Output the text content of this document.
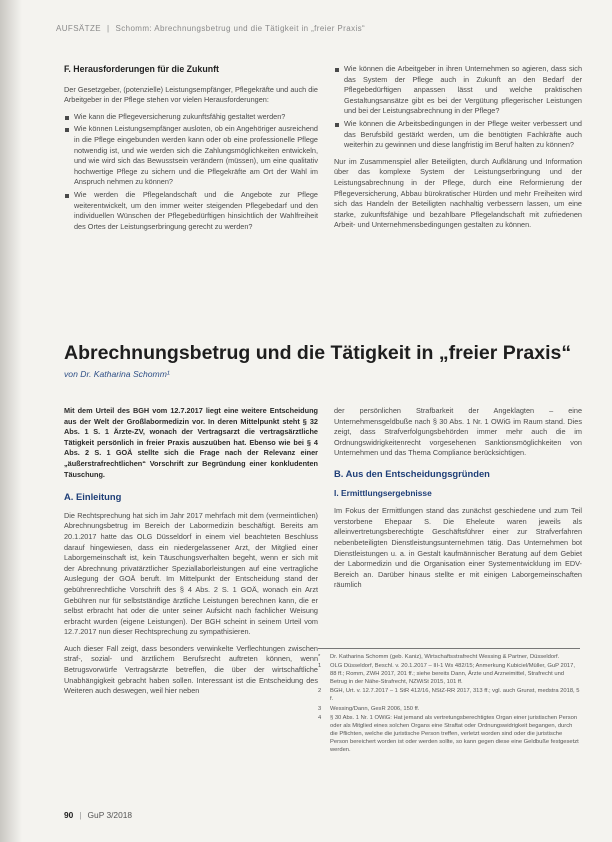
AUFSÄTZE | Schomm: Abrechnungsbetrug und die Tätigkeit in „freier Praxis“
F. Herausforderungen für die Zukunft

Der Gesetzgeber, (potenzielle) Leistungsempfänger, Pflegekräfte und auch die Arbeitgeber in der Pflege stehen vor vielen Herausforderungen:

Wie kann die Pflegeversicherung zukunftsfähig gestaltet werden?
Wie können Leistungsempfänger ausloten, ob ein Angehöriger ausreichend in die Pflege eingebunden werden kann oder ob eine professionelle Pflege notwendig ist, und wie werden sich die Zahlungsmöglichkeiten entwickeln, und wie wird sich das Bewusstsein verändern (müssen), um eine qualitativ hochwertige Pflege zu sichern und die Pflegekräfte am Ort der Wahl im Anspruch nehmen zu können?
Wie werden die Pflegelandschaft und die Angebote zur Pflege weiterentwickelt, um den immer weiter steigenden Pflegebedarf und den individuellen Wünschen der Pflegebedürftigen hinsichtlich der Wahlfreiheit des Ortes der Leistungserbringung gerecht zu werden?
Wie können die Arbeitgeber in ihren Unternehmen so agieren, dass sich das System der Pflege auch in Zukunft an den Bedarf der Pflegebedürftigen anpassen lässt und welche praktischen Gestaltungsansätze gibt es bei der Vergütung pflegerischer Leistungen und bei der Leistungsabrechnung in der Pflege?
Wie können die Arbeitsbedingungen in der Pflege weiter verbessert und das Berufsbild gestärkt werden, um die benötigten Fachkräfte auch weiterhin zu gewinnen und diese langfristig im Beruf halten zu können?

Nur im Zusammenspiel aller Beteiligten, durch Aufklärung und Information über das komplexe System der Leistungserbringung und der Leistungsabrechnung in der Pflege, durch eine Reformierung der Pflegeversicherung, Abbau bürokratischer Hürden und mehr Freiheiten wird sich das Handeln der Beteiligten nachhaltig verbessern lassen, um eine starke, zukunftsfähige und bezahlbare Pflegelandschaft mit zufriedenen Arbeit- und Unternehmensbedingungen gestalten zu können.

Abrechnungsbetrug und die Tätigkeit in „freier Praxis“
von Dr. Katharina Schomm¹

Mit dem Urteil des BGH vom 12.7.2017 liegt eine weitere Entscheidung aus der Welt der Großlabormedizin vor. In deren Mittelpunkt steht § 32 Abs. 1 S. 1 Ärzte-ZV, wonach der Vertragsarzt die vertragsärztliche Tätigkeit persönlich in freier Praxis auszuüben hat. Ebenso wie bei § 4 Abs. 2 S. 1 GOÄ stellte sich die Frage nach der Relevanz einer „äußerstrafrechtlichen“ Vorschrift zur Begründung einer konkludenten Täuschung.

A. Einleitung

Die Rechtsprechung hat sich im Jahr 2017 mehrfach mit dem (vermeintlichen) Abrechnungsbetrug im Bereich der Labormedizin beschäftigt. Bereits am 20.1.2017 hatte das OLG Düsseldorf in einem viel beachteten Beschluss darauf hingewiesen, dass ein niedergelassener Arzt, der Mitglied einer Laborgemeinschaft ist, kein Täuschungsverhalten begeht, wenn er sich mit der Abrechnung privatärztlicher Speziallaborleistungen auf eine vertragliche Auslegung der GOÄ beruft. Im Mittelpunkt der Entscheidung stand der gebührenrechtliche Vorschrift des § 4 Abs. 2 S. 1 GOÄ, wonach ein Arzt Gebühren nur für selbstständige ärztliche Leistungen berechnen kann, die er selbst erbracht hat oder die unter seiner Aufsicht nach fachlicher Weisung erbracht wurden (eigene Leistungen). Der BGH scheint in seinem Urteil vom 12.7.2017 nun dieser Rechtsprechung zu sympathisieren.

Auch dieser Fall zeigt, dass besonders verwinkelte Verflechtungen zwischen straf-, sozial- und ärztlichem Berufsrecht auftreten können, wenn Betrugsvorwürfe Vertragsärzte betreffen, die über der wirtschaftliche Unabhängigkeit gebracht haben sollen. Interessant ist die Entscheidung des Weiteren auch deswegen, weil hier neben

der persönlichen Strafbarkeit der Angeklagten – eine Unternehmensgeldbuße nach § 30 Abs. 1 Nr. 1 OWiG im Raum stand. Dies zeigt, dass Strafverfolgungsbehörden immer mehr auch die im Ordnungswidrigkeitenrecht vorgesehenen Sanktionsmöglichkeiten von Unternehmen und das Thema Compliance berücksichtigen.

B. Aus den Entscheidungsgründen
I. Ermittlungsergebnisse

Im Fokus der Ermittlungen stand das zunächst geschiedene und zum Teil verstorbene Ehepaar S. Die Eheleute waren jeweils als alleinvertretungsberechtigte Geschäftsführer einer zur Strafverfahren nebenbeteiligten Dienstleistungsunternehmen tätig. Das Unternehmen bot Dienstleistungen u. a. in Gestalt kaufmännischer Beratung auf dem Gebiet der Labormedizin und die Organisation einer Systementwicklung im EDV-Bereich an. Darüber hinaus stellte er mit einigen Laborgemeinschaften räumlich

*	Dr. Katharina Schomm (geb. Kaniz), Wirtschaftsstrafrecht Wessing & Partner, Düsseldorf.
1	OLG Düsseldorf, Beschl. v. 20.1.2017 – III-1 Ws 482/15; Anmerkung Kubiciel/Müller, GuP 2017, 88 ff.; Romm, ZWH 2017, 201 ff.; siehe bereits Dann, Ärzte und Arzneimittel, Strafrecht und Betrug in der Nähe-Strafrecht, NZWiSt 2015, 101 ff.
2	BGH, Urt. v. 12.7.2017 – 1 StR 412/16, NStZ-RR 2017, 313 ff.; vgl. auch Grunst, medstra 2018, 5 f.
3	Wessing/Dann, GesR 2006, 150 ff.
4	§ 30 Abs. 1 Nr. 1 OWiG: Hat jemand als vertretungsberechtigtes Organ einer juristischen Person oder als Mitglied eines solchen Organs eine Straftat oder Ordnungswidrigkeit begangen, durch die Pflichten, welche die juristische Person treffen, verletzt worden sind oder die juristische Person bereichert worden ist oder werden sollte, so kann gegen diese eine Geldbuße festgesetzt werden.
90 | GuP 3/2018
